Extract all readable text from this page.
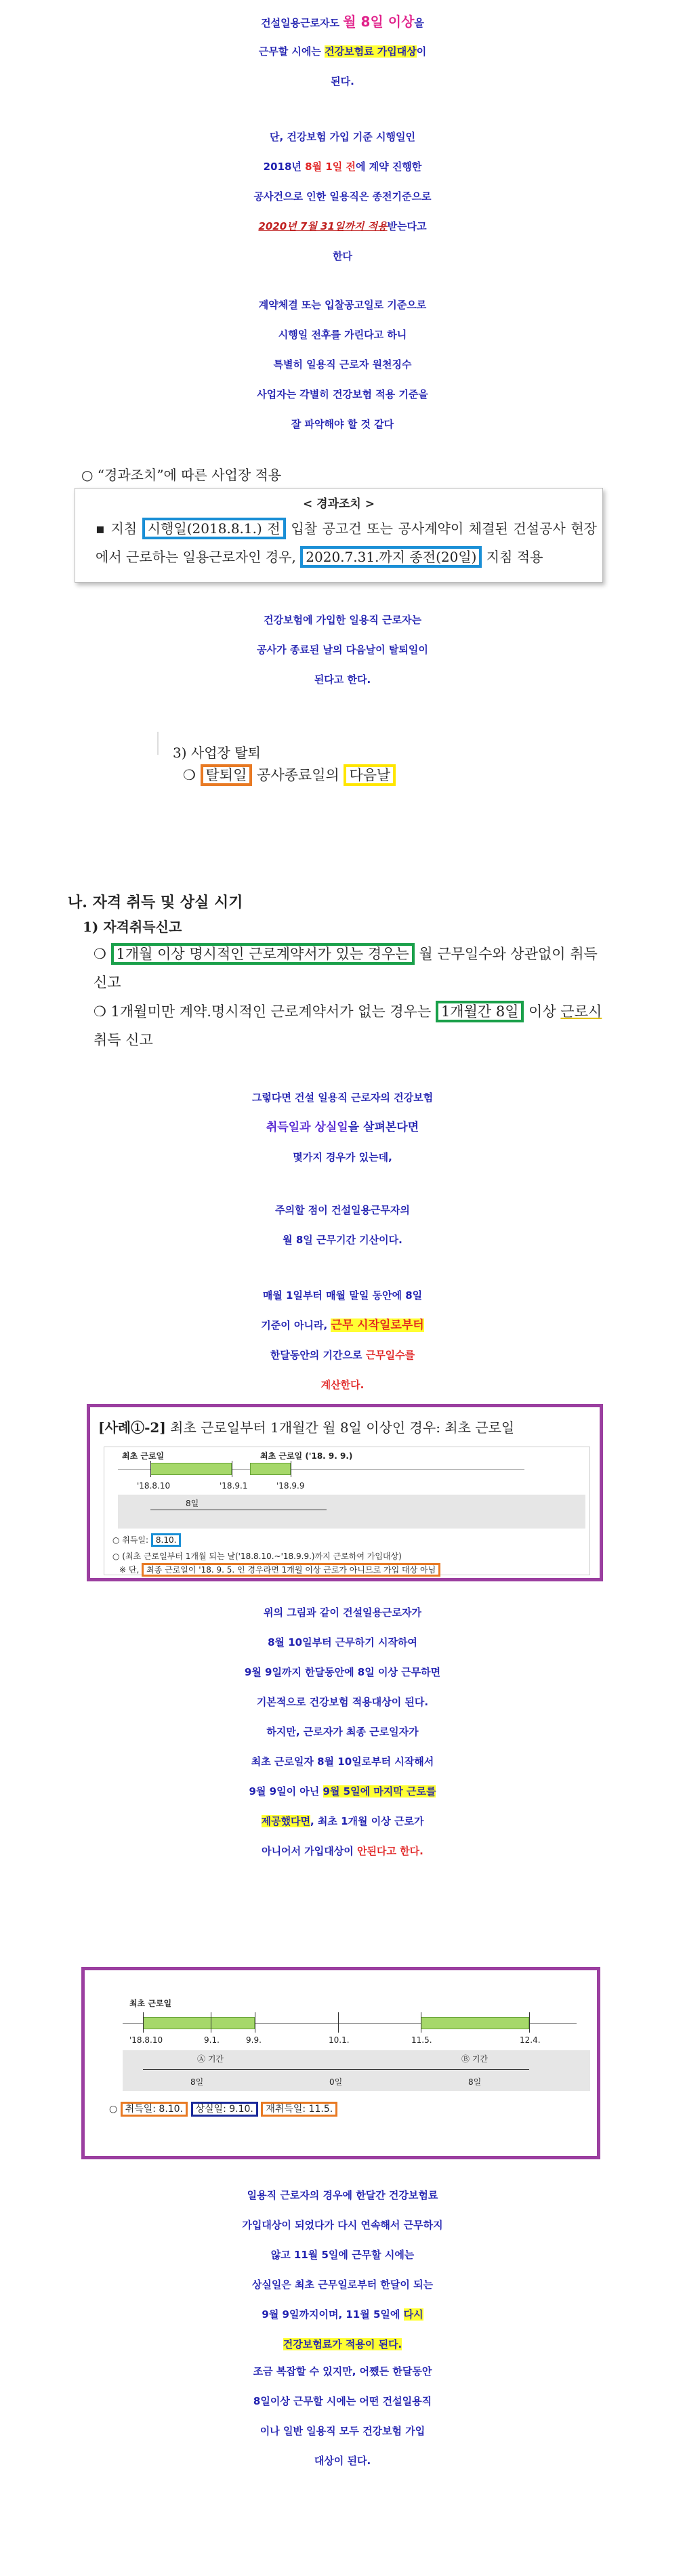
건설일용근로자도 월 8일 이상을
근무할 시에는 건강보험료 가입대상이
된다.
단, 건강보험 가입 기준 시행일인
2018년 8월 1일 전에 계약 진행한
공사건으로 인한 일용직은 종전기준으로
2020년 7월 31일까지 적용받는다고
한다
계약체결 또는 입찰공고일로 기준으로
시행일 전후를 가린다고 하니
특별히 일용직 근로자 원천징수
사업자는 각별히 건강보험 적용 기준을
잘 파악해야 할 것 같다
○ “경과조치”에 따른 사업장 적용
< 경과조치 >
▪ 지침 시행일(2018.8.1.) 전 입찰 공고건 또는 공사계약이 체결된 건설공사 현장에서 근로하는 일용근로자인 경우, 2020.7.31.까지 종전(20일) 지침 적용
건강보험에 가입한 일용직 근로자는
공사가 종료된 날의 다음날이 탈퇴일이
된다고 한다.
3) 사업장 탈퇴
❍ 탈퇴일 공사종료일의 다음날
나. 자격 취득 및 상실 시기
1) 자격취득신고
❍ 1개월 이상 명시적인 근로계약서가 있는 경우는 월 근무일수와 상관없이 취득 신고
❍ 1개월미만 계약.명시적인 근로계약서가 없는 경우는 1개월간 8일 이상 근로시 취득 신고
그렇다면 건설 일용직 근로자의 건강보험
취득일과 상실일을 살펴본다면
몇가지 경우가 있는데,
주의할 점이 건설일용근무자의
월 8일 근무기간 기산이다.
매월 1일부터 매월 말일 동안에 8일
기준이 아니라, 근무 시작일로부터
한달동안의 기간으로 근무일수를
계산한다.
[사례①-2] 최초 근로일부터 1개월간 월 8일 이상인 경우: 최초 근로일
최초 근로일	최초 근로일 ('18. 9. 9.)
'18.8.10	'18.9.1	'18.9.9
8일
○ 취득일: 8.10.
○ (최초 근로일부터 1개월 되는 날('18.8.10.~'18.9.9.)까지 근로하여 가입대상)
※ 단, 최종 근로일이 '18. 9. 5. 인 경우라면 1개월 이상 근로가 아니므로 가입 대상 아님
위의 그림과 같이 건설일용근로자가
8월 10일부터 근무하기 시작하여
9월 9일까지 한달동안에 8일 이상 근무하면
기본적으로 건강보험 적용대상이 된다.
하지만, 근로자가 최종 근로일자가
최초 근로일자 8월 10일로부터 시작해서
9월 9일이 아닌 9월 5일에 마지막 근로를
제공했다면, 최초 1개월 이상 근로가
아니어서 가입대상이 안된다고 한다.
최초 근로일
'18.8.10	9.1.	9.9.	10.1.	11.5.	12.4.
Ⓐ 기간	Ⓑ 기간
8일	0일	8일
○ 취득일: 8.10. 상실일: 9.10. 재취득일: 11.5.
일용직 근로자의 경우에 한달간 건강보험료
가입대상이 되었다가 다시 연속해서 근무하지
않고 11월 5일에 근무할 시에는
상실일은 최초 근무일로부터 한달이 되는
9월 9일까지이며, 11월 5일에 다시
건강보험료가 적용이 된다.
조금 복잡할 수 있지만, 어쨌든 한달동안
8일이상 근무할 시에는 어떤 건설일용직
이나 일반 일용직 모두 건강보험 가입
대상이 된다.
